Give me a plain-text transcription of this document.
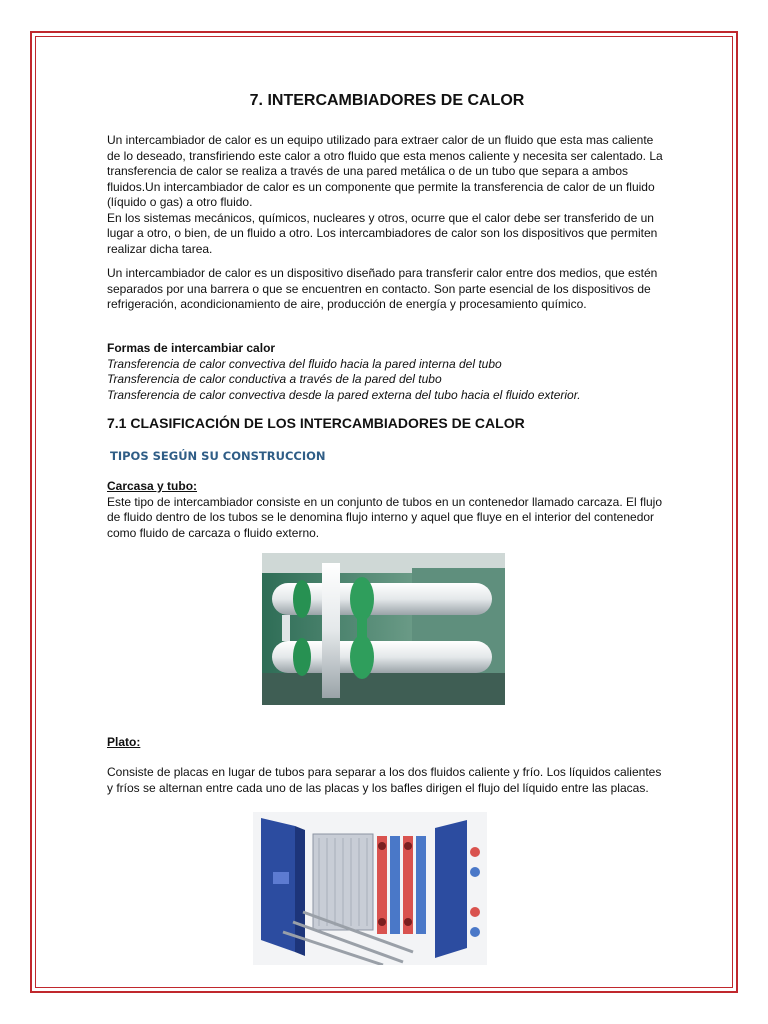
7. INTERCAMBIADORES DE CALOR

Un intercambiador de calor es un equipo utilizado para extraer calor de un fluido que esta mas caliente de lo deseado, transfiriendo este calor a otro fluido que esta menos caliente y necesita ser calentado. La transferencia de calor se realiza a través de una pared metálica o de un tubo que separa a ambos fluidos.Un intercambiador de calor es un componente que permite la transferencia de calor de un fluido (líquido o gas) a otro fluido.

En los sistemas mecánicos, químicos, nucleares y otros, ocurre que el calor debe ser transferido de un lugar a otro, o bien, de un fluido a otro. Los intercambiadores de calor son los dispositivos que permiten realizar dicha tarea.

Un intercambiador de calor es un dispositivo diseñado para transferir calor entre dos medios, que estén separados por una barrera o que se encuentren en contacto. Son parte esencial de los dispositivos de refrigeración, acondicionamiento de aire, producción de energía y procesamiento químico.

Formas de intercambiar calor

Transferencia de calor convectiva del fluido hacia la pared interna del tubo

Transferencia de calor conductiva a través de la pared del tubo

Transferencia de calor convectiva desde la pared externa del tubo hacia el fluido exterior.

7.1 CLASIFICACIÓN DE LOS INTERCAMBIADORES DE CALOR
TIPOS SEGÚN SU CONSTRUCCION

Carcasa y tubo:

Este tipo de intercambiador consiste en un conjunto de tubos en un contenedor llamado carcaza. El flujo de fluido dentro de los tubos se le denomina flujo interno y aquel que fluye en el interior del contenedor como fluido de carcaza o fluido externo.

Plato:

Consiste de placas en lugar de tubos para separar a los dos fluidos caliente y frío. Los líquidos calientes y fríos se alternan entre cada uno de las placas y los bafles dirigen el flujo del líquido entre las placas.
